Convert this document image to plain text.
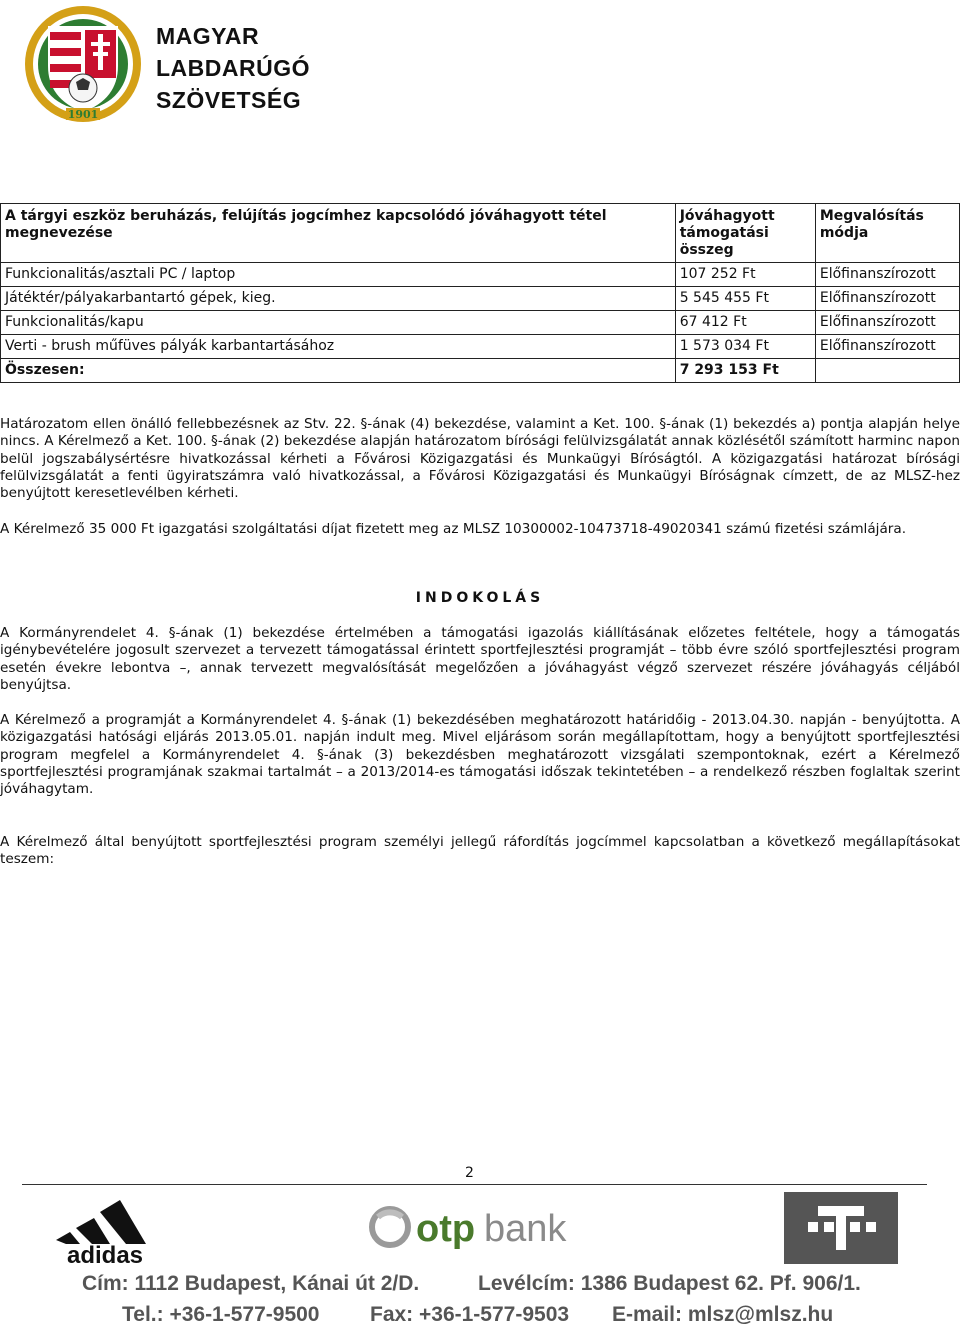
1901
MAGYAR
LABDARÚGÓ
SZÖVETSÉG
A tárgyi eszköz beruházás, felújítás jogcímhez kapcsolódó jóváhagyott tétel megnevezése	Jóváhagyott támogatási összeg	Megvalósítás módja
Funkcionalitás/asztali PC / laptop	107 252 Ft	Előfinanszírozott
Játéktér/pályakarbantartó gépek, kieg.	5 545 455 Ft	Előfinanszírozott
Funkcionalitás/kapu	67 412 Ft	Előfinanszírozott
Verti - brush műfüves pályák karbantartásához	1 573 034 Ft	Előfinanszírozott
Összesen:	7 293 153 Ft	

Határozatom ellen önálló fellebbezésnek az Stv. 22. §-ának (4) bekezdése, valamint a Ket. 100. §-ának (1) bekezdés a) pontja alapján helye nincs. A Kérelmező a Ket. 100. §-ának (2) bekezdése alapján határozatom bírósági felülvizsgálatát annak közlésétől számított harminc napon belül jogszabálysértésre hivatkozással kérheti a Fővárosi Közigazgatási és Munkaügyi Bíróságtól. A közigazgatási határozat bírósági felülvizsgálatát a fenti ügyiratszámra való hivatkozással, a Fővárosi Közigazgatási és Munkaügyi Bíróságnak címzett, de az MLSZ-hez benyújtott keresetlevélben kérheti.

A Kérelmező 35 000 Ft igazgatási szolgáltatási díjat fizetett meg az MLSZ 10300002-10473718-49020341 számú fizetési számlájára.

INDOKOLÁS

A Kormányrendelet 4. §-ának (1) bekezdése értelmében a támogatási igazolás kiállításának előzetes feltétele, hogy a támogatás igénybevételére jogosult szervezet a tervezett támogatással érintett sportfejlesztési programját – több évre szóló sportfejlesztési program esetén évekre lebontva –, annak tervezett megvalósítását megelőzően a jóváhagyást végző szervezet részére jóváhagyás céljából benyújtsa.

A Kérelmező a programját a Kormányrendelet 4. §-ának (1) bekezdésében meghatározott határidőig - 2013.04.30. napján - benyújtotta. A közigazgatási hatósági eljárás 2013.05.01. napján indult meg. Mivel eljárásom során megállapítottam, hogy a benyújtott sportfejlesztési program megfelel a Kormányrendelet 4. §-ának (3) bekezdésben meghatározott vizsgálati szempontoknak, ezért a Kérelmező sportfejlesztési programjának szakmai tartalmát – a 2013/2014-es támogatási időszak tekintetében – a rendelkező részben foglaltak szerint jóváhagytam.

A Kérelmező által benyújtott sportfejlesztési program személyi jellegű ráfordítás jogcímmel kapcsolatban a következő megállapításokat teszem:

2
adidas
otp bank
Cím: 1112 Budapest, Kánai út 2/D.	Levélcím: 1386 Budapest 62. Pf. 906/1.
Tel.: +36-1-577-9500 Fax: +36-1-577-9503 E-mail: mlsz@mlsz.hu
